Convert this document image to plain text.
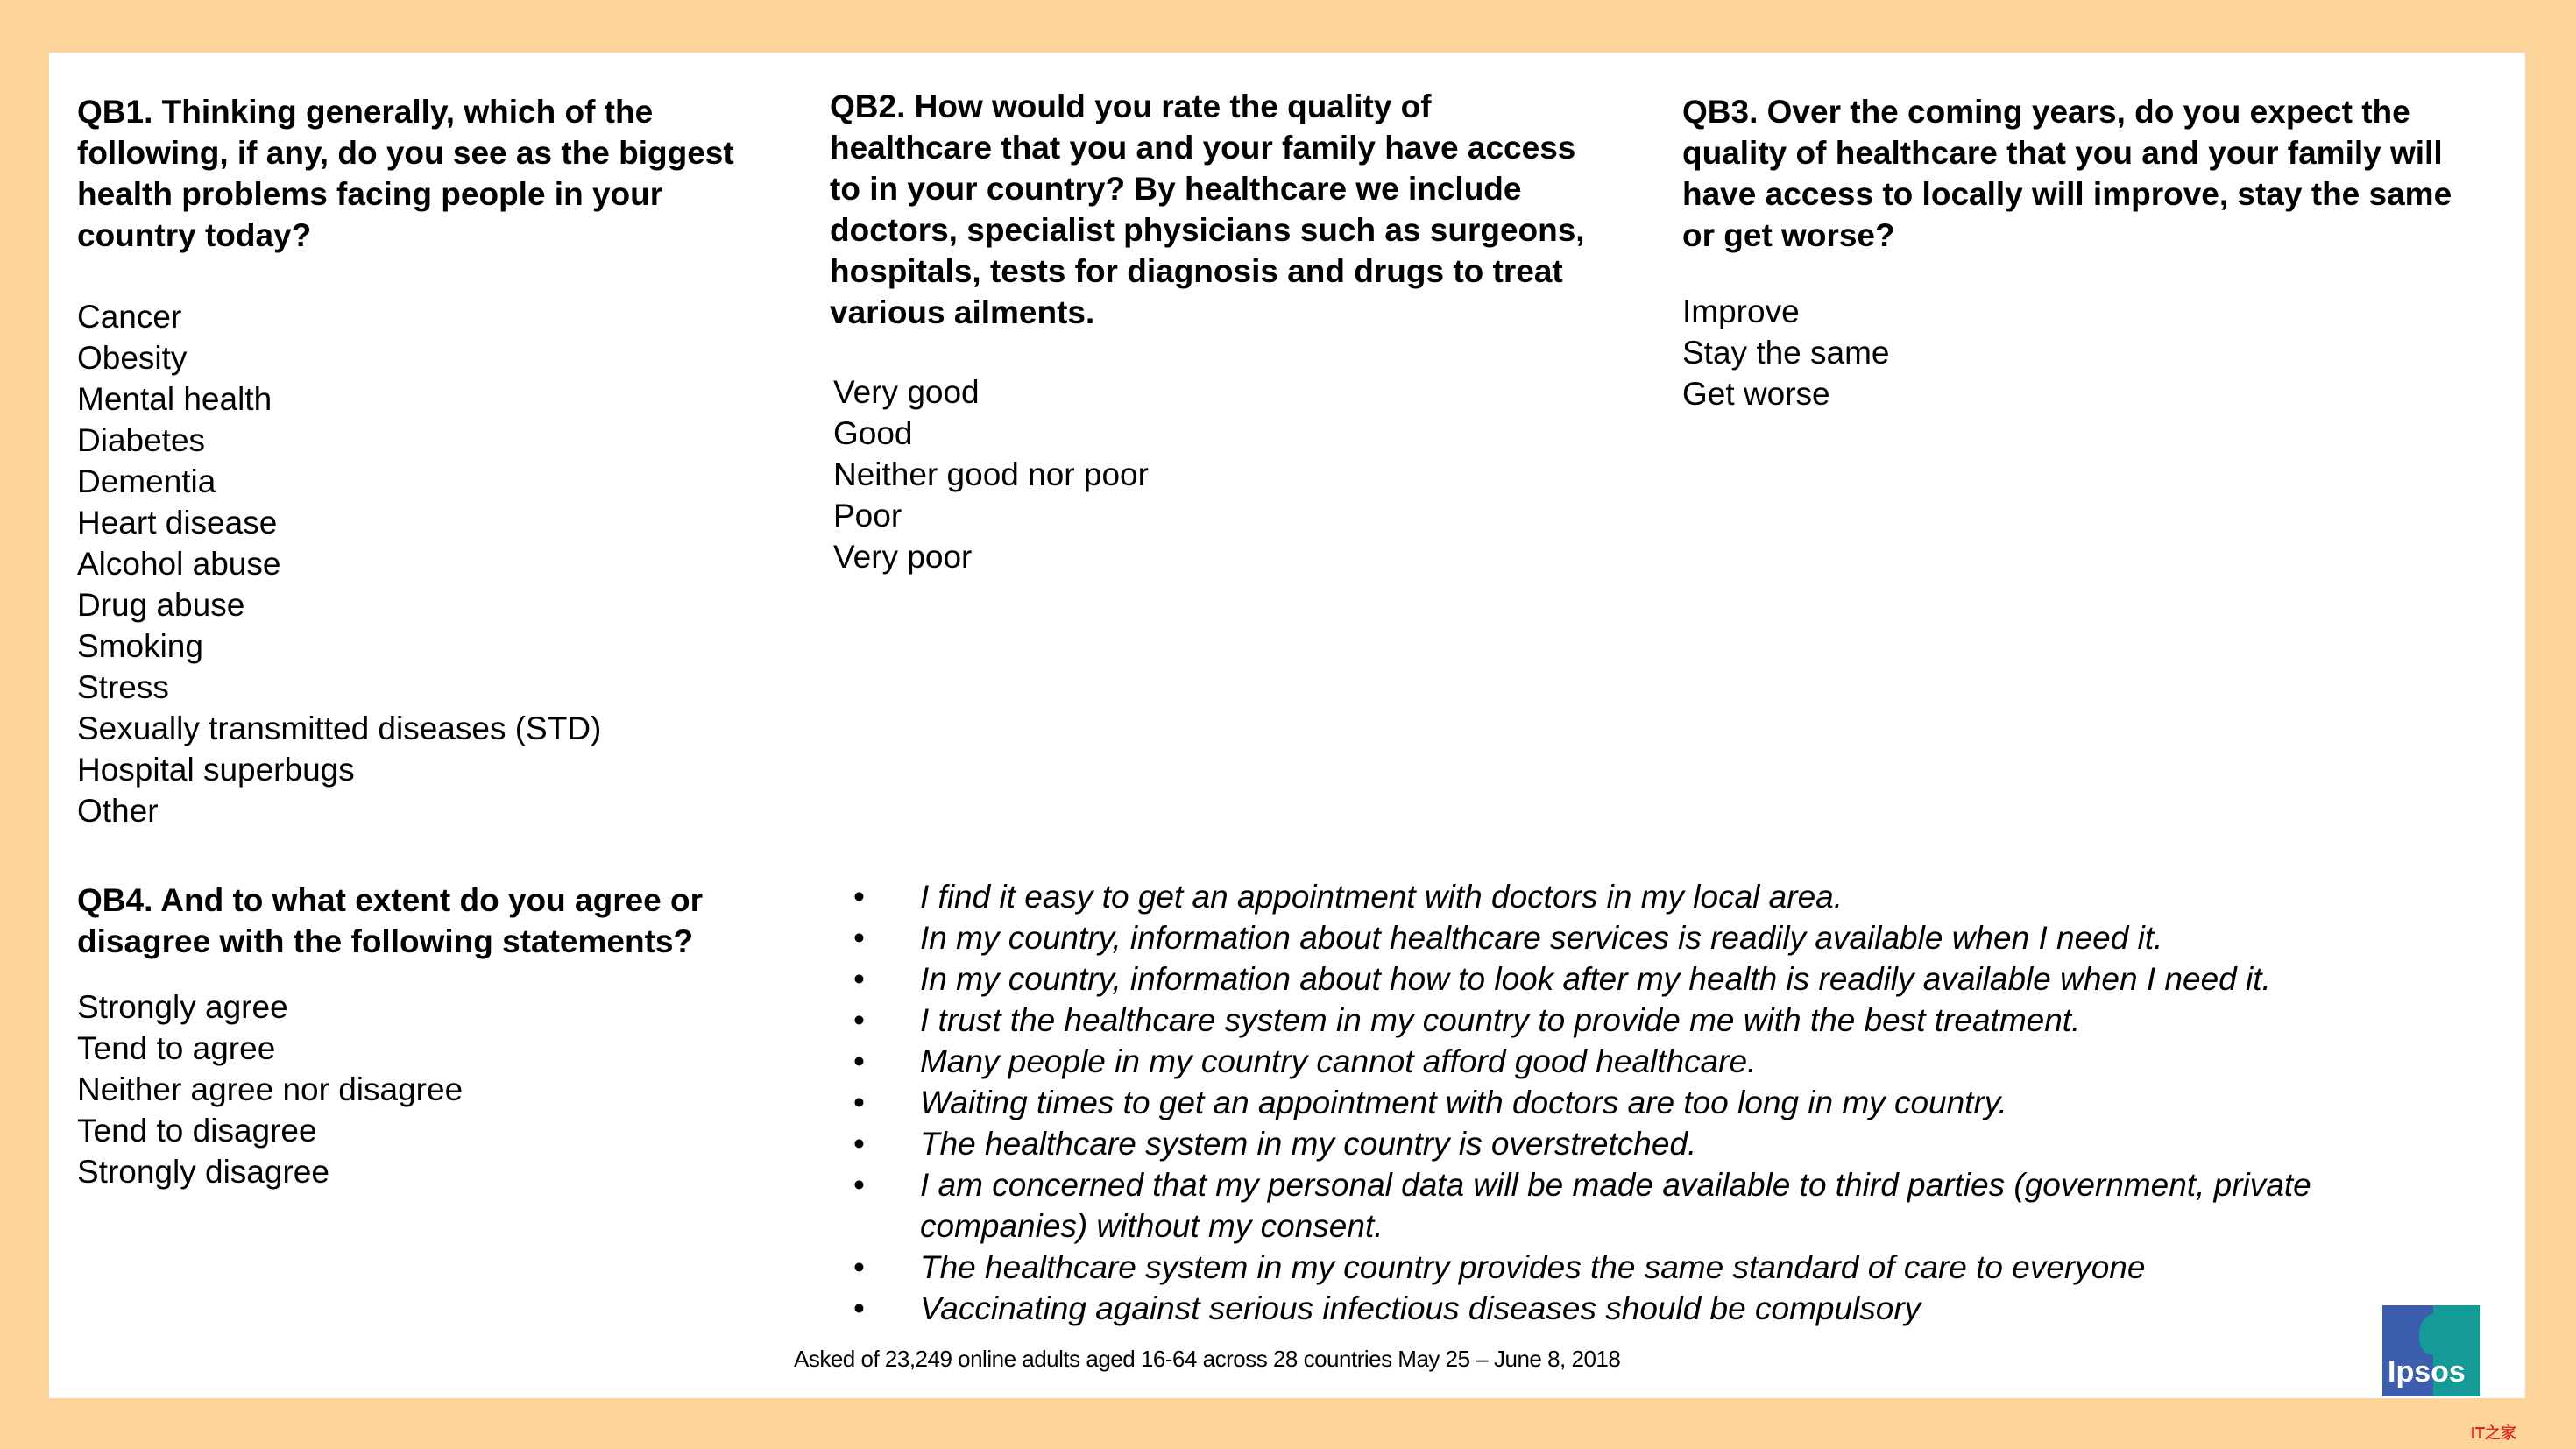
QB1. Thinking generally, which of the following, if any, do you see as the biggest health problems facing people in your country today?
Cancer
Obesity
Mental health
Diabetes
Dementia
Heart disease
Alcohol abuse
Drug abuse
Smoking
Stress
Sexually transmitted diseases (STD)
Hospital superbugs
Other
QB2. How would you rate the quality of healthcare that you and your family have access to in your country? By healthcare we include doctors, specialist physicians such as surgeons, hospitals, tests for diagnosis and drugs to treat various ailments.
Very good
Good
Neither good nor poor
Poor
Very poor
QB3. Over the coming years, do you expect the quality of healthcare that you and your family will have access to locally will improve, stay the same or get worse?
Improve
Stay the same
Get worse
QB4. And to what extent do you agree or disagree with the following statements?
Strongly agree
Tend to agree
Neither agree nor disagree
Tend to disagree
Strongly disagree
• I find it easy to get an appointment with doctors in my local area.
• In my country, information about healthcare services is readily available when I need it.
• In my country, information about how to look after my health is readily available when I need it.
• I trust the healthcare system in my country to provide me with the best treatment.
• Many people in my country cannot afford good healthcare.
• Waiting times to get an appointment with doctors are too long in my country.
• The healthcare system in my country is overstretched.
• I am concerned that my personal data will be made available to third parties (government, private companies) without my consent.
• The healthcare system in my country provides the same standard of care to everyone
• Vaccinating against serious infectious diseases should be compulsory
Asked of 23,249 online adults aged 16-64 across 28 countries May 25 – June 8, 2018	Ipsos
IT之家
